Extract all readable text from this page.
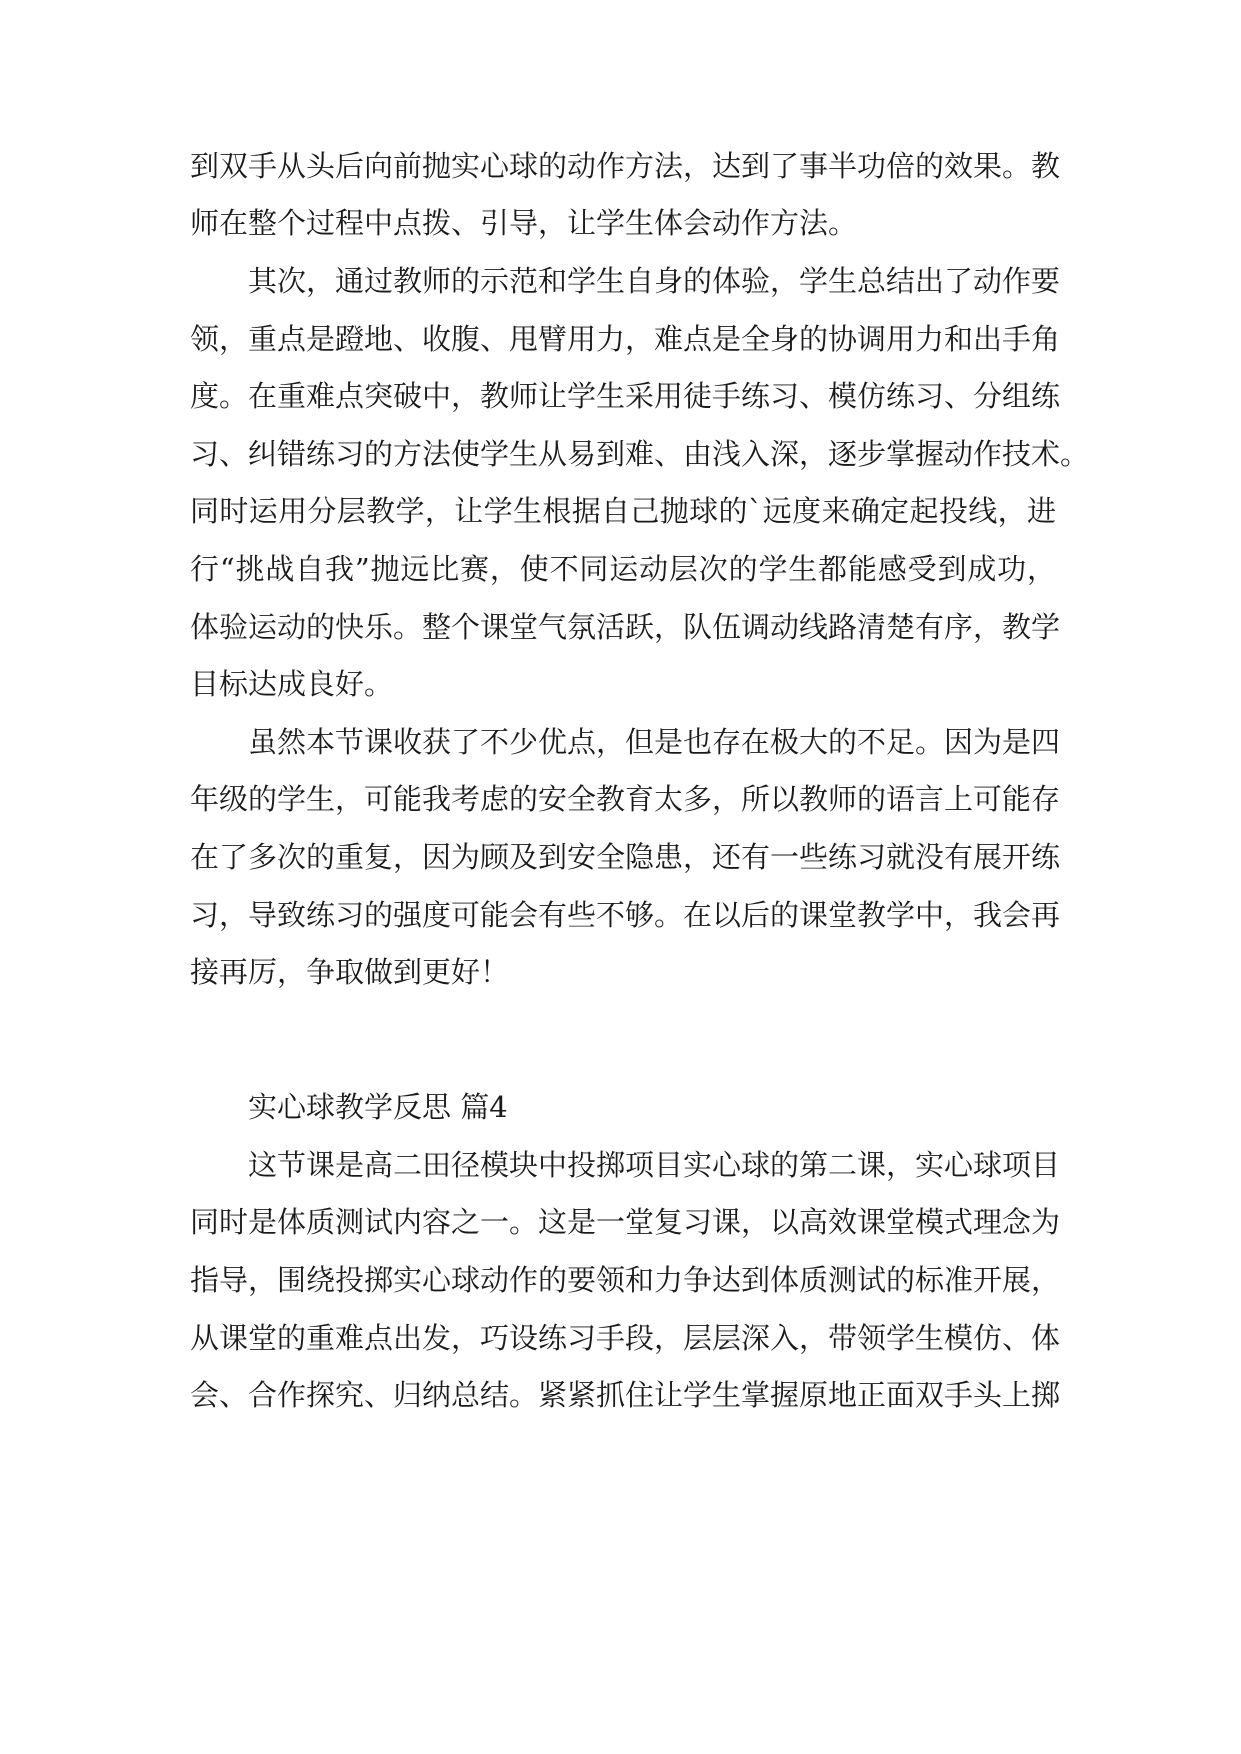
到双手从头后向前抛实心球的动作方法，达到了事半功倍的效果。教

师在整个过程中点拨、引导，让学生体会动作方法。

其次，通过教师的示范和学生自身的体验，学生总结出了动作要

领，重点是蹬地、收腹、甩臂用力，难点是全身的协调用力和出手角

度。在重难点突破中，教师让学生采用徒手练习、模仿练习、分组练

习、纠错练习的方法使学生从易到难、由浅入深，逐步掌握动作技术。

同时运用分层教学，让学生根据自己抛球的`远度来确定起投线，进

行“挑战自我”抛远比赛，使不同运动层次的学生都能感受到成功，

体验运动的快乐。整个课堂气氛活跃，队伍调动线路清楚有序，教学

目标达成良好。

虽然本节课收获了不少优点，但是也存在极大的不足。因为是四

年级的学生，可能我考虑的安全教育太多，所以教师的语言上可能存

在了多次的重复，因为顾及到安全隐患，还有一些练习就没有展开练

习，导致练习的强度可能会有些不够。在以后的课堂教学中，我会再

接再厉，争取做到更好！

实心球教学反思 篇4

这节课是高二田径模块中投掷项目实心球的第二课，实心球项目

同时是体质测试内容之一。这是一堂复习课，以高效课堂模式理念为

指导，围绕投掷实心球动作的要领和力争达到体质测试的标准开展，

从课堂的重难点出发，巧设练习手段，层层深入，带领学生模仿、体

会、合作探究、归纳总结。紧紧抓住让学生掌握原地正面双手头上掷
